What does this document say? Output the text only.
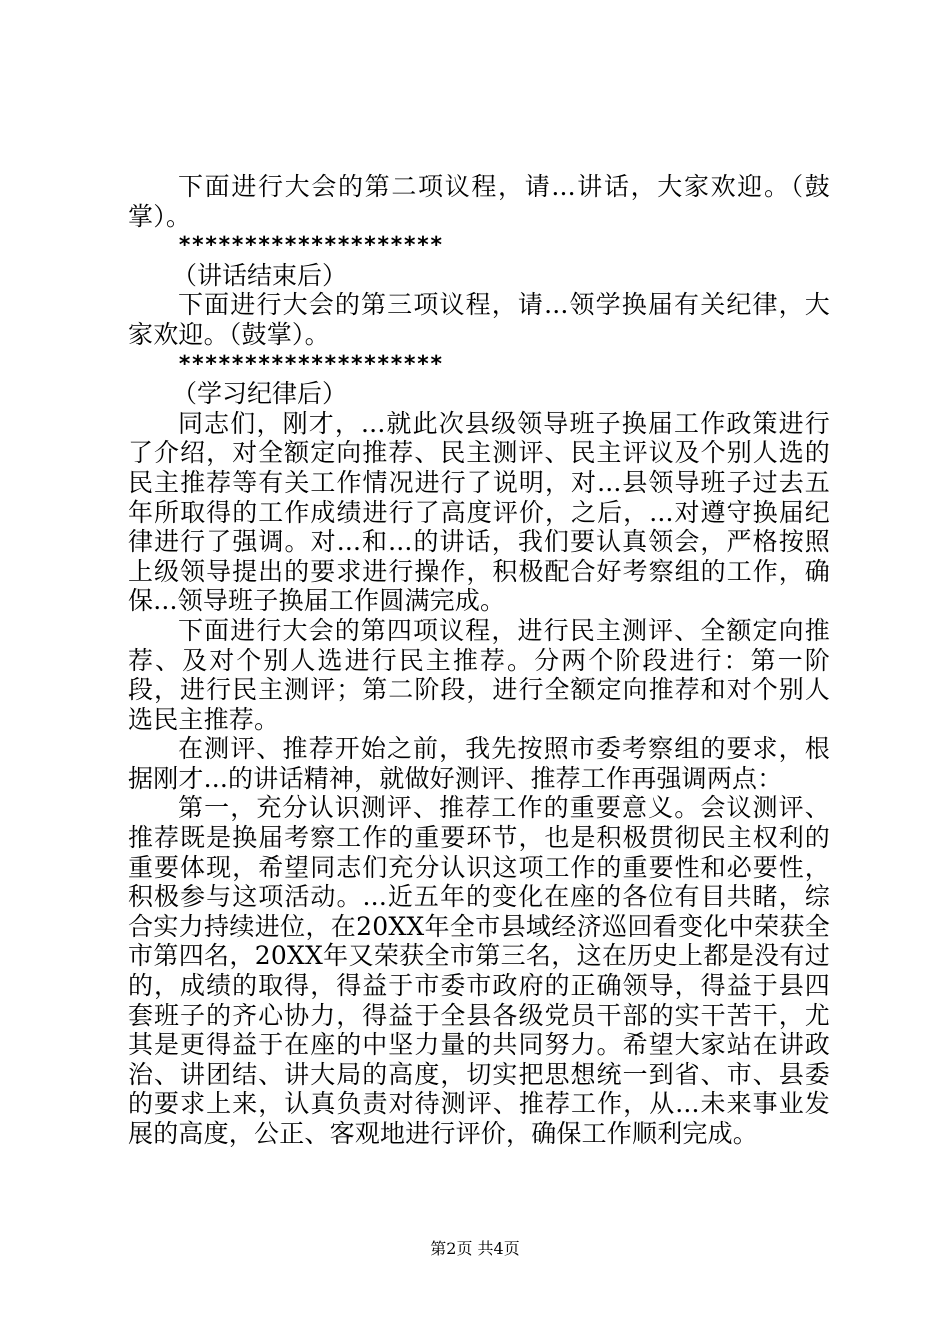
下面进行大会的第二项议程，请...讲话，大家欢迎。（鼓掌）。

********************

（讲话结束后）

下面进行大会的第三项议程，请...领学换届有关纪律，大家欢迎。（鼓掌）。

********************

（学习纪律后）

同志们，刚才，...就此次县级领导班子换届工作政策进行了介绍，对全额定向推荐、民主测评、民主评议及个别人选的民主推荐等有关工作情况进行了说明，对...县领导班子过去五年所取得的工作成绩进行了高度评价，之后，...对遵守换届纪律进行了强调。对...和...的讲话，我们要认真领会，严格按照上级领导提出的要求进行操作，积极配合好考察组的工作，确保...领导班子换届工作圆满完成。

下面进行大会的第四项议程，进行民主测评、全额定向推荐、及对个别人选进行民主推荐。分两个阶段进行：第一阶段，进行民主测评；第二阶段，进行全额定向推荐和对个别人选民主推荐。

在测评、推荐开始之前，我先按照市委考察组的要求，根据刚才...的讲话精神，就做好测评、推荐工作再强调两点：

第一，充分认识测评、推荐工作的重要意义。会议测评、推荐既是换届考察工作的重要环节，也是积极贯彻民主权利的重要体现，希望同志们充分认识这项工作的重要性和必要性，积极参与这项活动。...近五年的变化在座的各位有目共睹，综合实力持续进位，在20XX年全市县域经济巡回看变化中荣获全市第四名，20XX年又荣获全市第三名，这在历史上都是没有过的，成绩的取得，得益于市委市政府的正确领导，得益于县四套班子的齐心协力，得益于全县各级党员干部的实干苦干，尤其是更得益于在座的中坚力量的共同努力。希望大家站在讲政治、讲团结、讲大局的高度，切实把思想统一到省、市、县委的要求上来，认真负责对待测评、推荐工作，从...未来事业发展的高度，公正、客观地进行评价，确保工作顺利完成。

第2页 共4页
